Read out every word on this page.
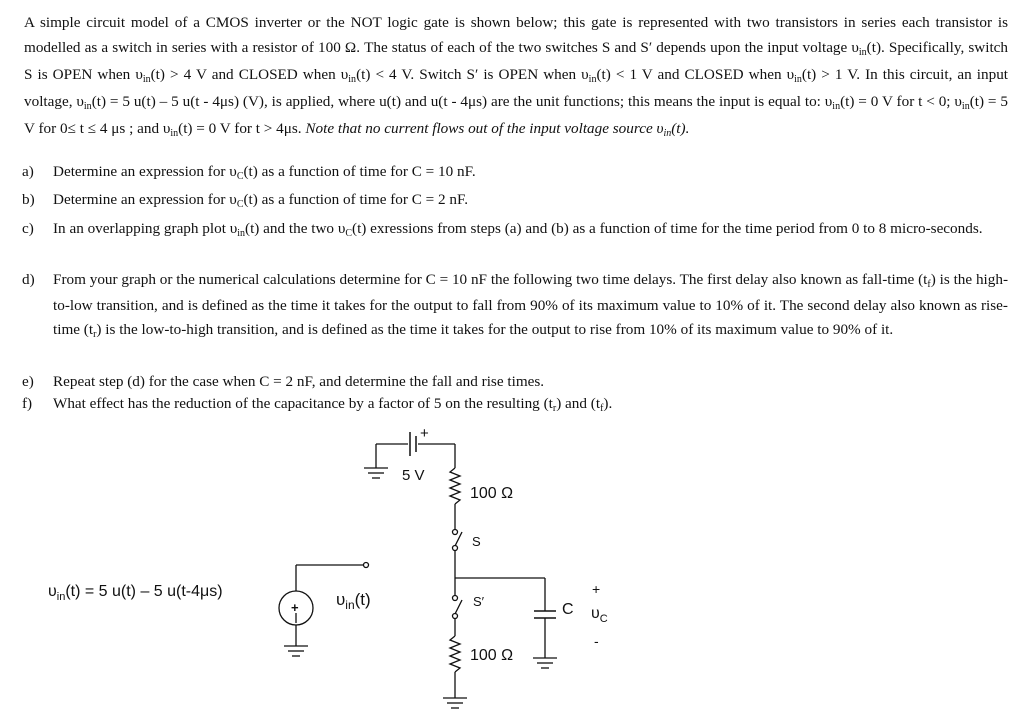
A simple circuit model of a CMOS inverter or the NOT logic gate is shown below; this gate is represented with two transistors in series each transistor is modelled as a switch in series with a resistor of 100 Ω. The status of each of the two switches S and S′ depends upon the input voltage υin(t). Specifically, switch S is OPEN when υin(t) > 4 V and CLOSED when υin(t) < 4 V. Switch S′ is OPEN when υin(t) < 1 V and CLOSED when υin(t) > 1 V. In this circuit, an input voltage, υin(t) = 5 u(t) – 5 u(t - 4μs) (V), is applied, where u(t) and u(t - 4μs) are the unit functions; this means the input is equal to: υin(t) = 0 V for t < 0; υin(t) = 5 V for 0≤ t ≤ 4 μs ; and υin(t) = 0 V for t > 4μs. Note that no current flows out of the input voltage source υin(t).

a)	Determine an expression for υC(t) as a function of time for C = 10 nF.
b)	Determine an expression for υC(t) as a function of time for C = 2 nF.
c)	In an overlapping graph plot υin(t) and the two υC(t) exressions from steps (a) and (b) as a function of time for the time period from 0 to 8 micro-seconds.
d)	From your graph or the numerical calculations determine for C = 10 nF the following two time delays. The first delay also known as fall-time (tf) is the high-to-low transition, and is defined as the time it takes for the output to fall from 90% of its maximum value to 10% of it. The second delay also known as rise-time (tr) is the low-to-high transition, and is defined as the time it takes for the output to rise from 10% of its maximum value to 90% of it.
e)	Repeat step (d) for the case when C = 2 nF, and determine the fall and rise times.
f)	What effect has the reduction of the capacitance by a factor of 5 on the resulting (tr) and (tf).
+
5 V
100 Ω
S
S′
100 Ω
C
+
$\upsilon_C$
-
+ $\upsilon_{in}(t)$
$\upsilon_{in}(t) = 5$ u(t) – 5 u(t-4μs)
